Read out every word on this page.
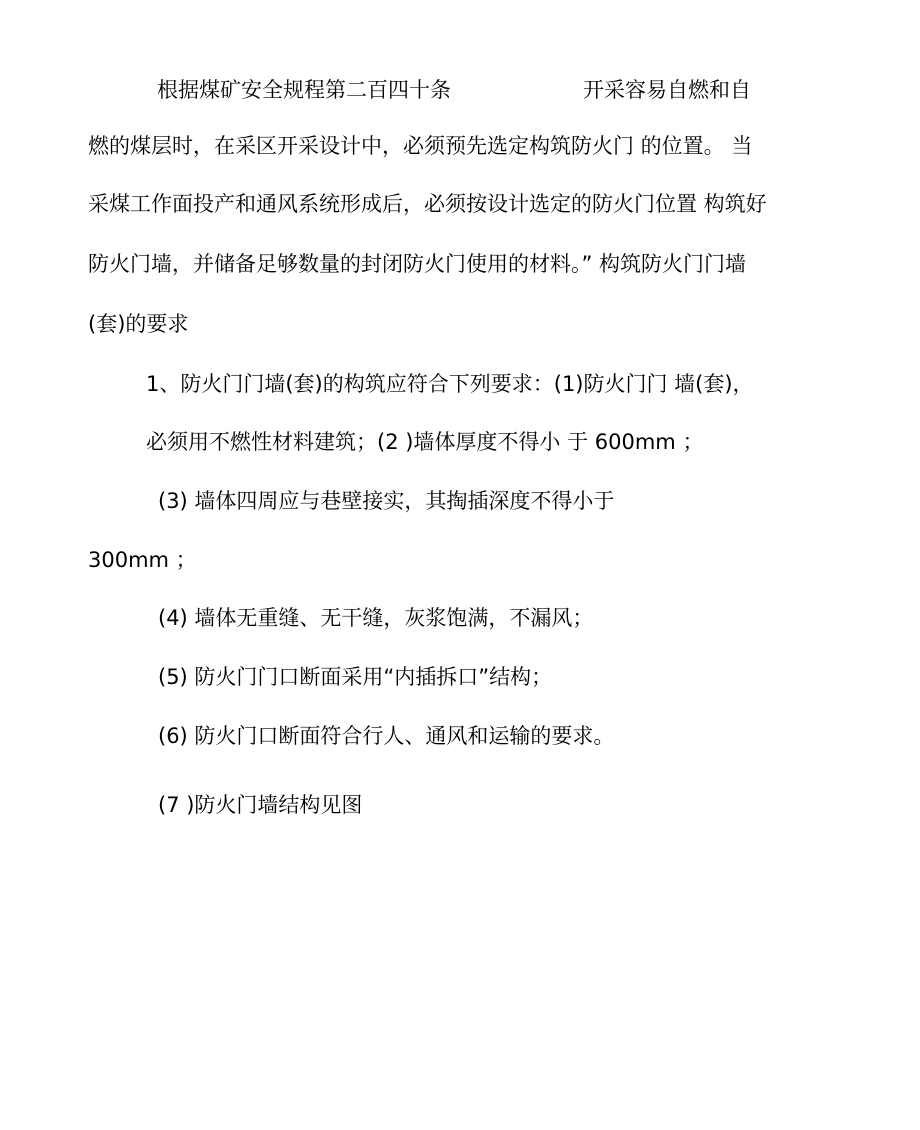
根据煤矿安全规程第二百四十条	开采容易自燃和自
燃的煤层时，在采区开采设计中，必须预先选定构筑防火门 的位置。 当
采煤工作面投产和通风系统形成后，必须按设计选定的防火门位置 构筑好
防火门墙，并储备足够数量的封闭防火门使用的材料。” 构筑防火门门墙
(套)的要求
1、防火门门墙(套)的构筑应符合下列要求：(1)防火门门 墙(套)，
必须用不燃性材料建筑；(2 )墙体厚度不得小 于 600mm ；
(3) 墙体四周应与巷壁接实，其掏插深度不得小于
300mm ；
(4) 墙体无重缝、无干缝，灰浆饱满，不漏风；
(5) 防火门门口断面采用“内插拆口”结构；
(6) 防火门口断面符合行人、通风和运输的要求。
(7 )防火门墙结构见图
